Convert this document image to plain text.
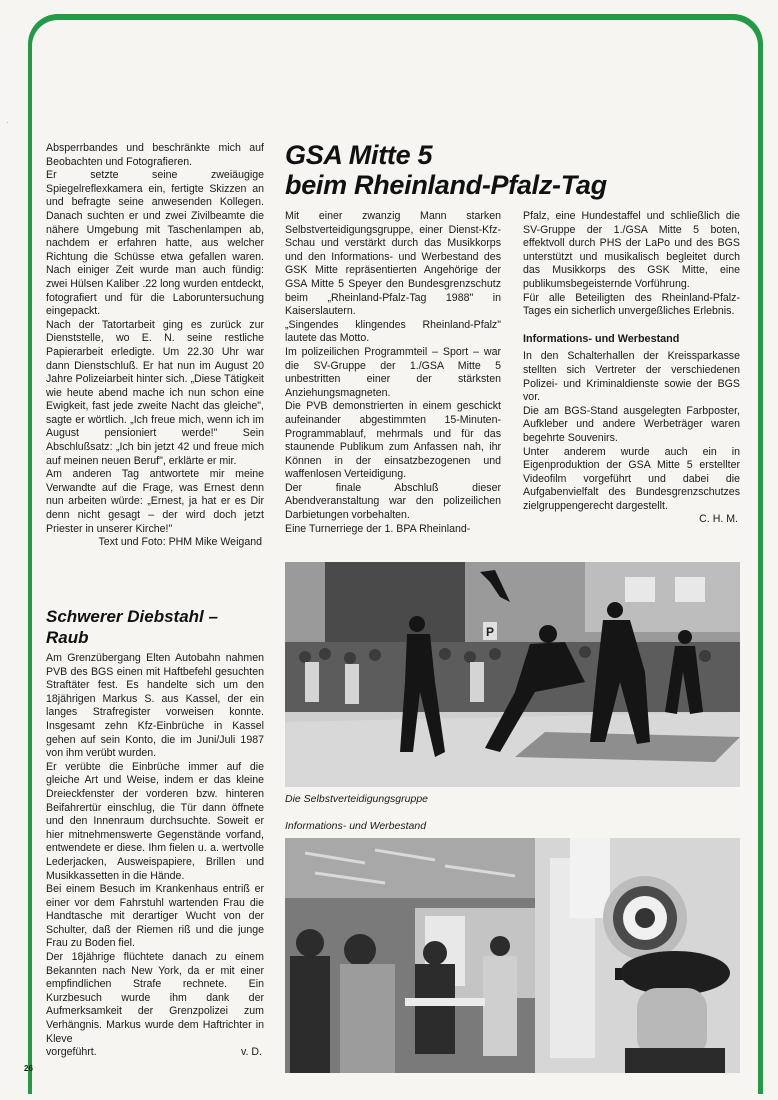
·

Absperrbandes und beschränkte mich auf Beobachten und Fotografieren.

Er setzte seine zweiäugige Spiegelreflexkamera ein, fertigte Skizzen an und befragte seine anwesenden Kollegen. Danach suchten er und zwei Zivilbeamte die nähere Umgebung mit Taschenlampen ab, nachdem er erfahren hatte, aus welcher Richtung die Schüsse etwa gefallen waren. Nach einiger Zeit wurde man auch fündig: zwei Hülsen Kaliber .22 long wurden entdeckt, fotografiert und für die Laboruntersuchung eingepackt.

Nach der Tatortarbeit ging es zurück zur Dienststelle, wo E. N. seine restliche Papierarbeit erledigte. Um 22.30 Uhr war dann Dienstschluß. Er hat nun im August 20 Jahre Polizeiarbeit hinter sich. „Diese Tätigkeit wie heute abend mache ich nun schon eine Ewigkeit, fast jede zweite Nacht das gleiche", sagte er wörtlich. „Ich freue mich, wenn ich im August pensioniert werde!" Sein Abschlußsatz: „Ich bin jetzt 42 und freue mich auf meinen neuen Beruf", erklärte er mir.

Am anderen Tag antwortete mir meine Verwandte auf die Frage, was Ernest denn nun arbeiten würde: „Ernest, ja hat er es Dir denn nicht gesagt – der wird doch jetzt Priester in unserer Kirche!"

Text und Foto: PHM Mike Weigand

Schwerer Diebstahl – Raub

Am Grenzübergang Elten Autobahn nahmen PVB des BGS einen mit Haftbefehl gesuchten Straftäter fest. Es handelte sich um den 18jährigen Markus S. aus Kassel, der ein langes Strafregister vorweisen konnte. Insgesamt zehn Kfz-Einbrüche in Kassel gehen auf sein Konto, die im Juni/Juli 1987 von ihm verübt wurden.

Er verübte die Einbrüche immer auf die gleiche Art und Weise, indem er das kleine Dreieckfenster der vorderen bzw. hinteren Beifahrertür einschlug, die Tür dann öffnete und den Innenraum durchsuchte. Soweit er hier mitnehmenswerte Gegenstände vorfand, entwendete er diese. Ihm fielen u. a. wertvolle Lederjacken, Ausweispapiere, Brillen und Musikkassetten in die Hände.

Bei einem Besuch im Krankenhaus entriß er einer vor dem Fahrstuhl wartenden Frau die Handtasche mit derartiger Wucht von der Schulter, daß der Riemen riß und die junge Frau zu Boden fiel.

Der 18jährige flüchtete danach zu einem Bekannten nach New York, da er mit einer empfindlichen Strafe rechnete. Ein Kurzbesuch wurde ihm dank der Aufmerksamkeit der Grenzpolizei zum Verhängnis. Markus wurde dem Haftrichter in Kleve

vorgeführt.	v. D.
GSA Mitte 5
beim Rheinland-Pfalz-Tag

Mit einer zwanzig Mann starken Selbstverteidigungsgruppe, einer Dienst-Kfz-Schau und verstärkt durch das Musikkorps und den Informations- und Werbestand des GSK Mitte repräsentierten Angehörige der GSA Mitte 5 Speyer den Bundesgrenzschutz beim „Rheinland-Pfalz-Tag 1988" in Kaiserslautern.

„Singendes klingendes Rheinland-Pfalz" lautete das Motto.

Im polizeilichen Programmteil – Sport – war die SV-Gruppe der 1./GSA Mitte 5 unbestritten einer der stärksten Anziehungsmagneten.

Die PVB demonstrierten in einem geschickt aufeinander abgestimmten 15-Minuten-Programmablauf, mehrmals und für das staunende Publikum zum Anfassen nah, ihr Können in der einsatzbezogenen und waffenlosen Verteidigung.

Der finale Abschluß dieser Abendveranstaltung war den polizeilichen Darbietungen vorbehalten.

Eine Turnerriege der 1. BPA Rheinland-

Pfalz, eine Hundestaffel und schließlich die SV-Gruppe der 1./GSA Mitte 5 boten, effektvoll durch PHS der LaPo und des BGS unterstützt und musikalisch begleitet durch das Musikkorps des GSK Mitte, eine publikumsbegeisternde Vorführung.

Für alle Beteiligten des Rheinland-Pfalz-Tages ein sicherlich unvergeßliches Erlebnis.

Informations- und Werbestand

In den Schalterhallen der Kreissparkasse stellten sich Vertreter der verschiedenen Polizei- und Kriminaldienste sowie der BGS vor.

Die am BGS-Stand ausgelegten Farbposter, Aufkleber und andere Werbeträger waren begehrte Souvenirs.

Unter anderem wurde auch ein in Eigenproduktion der GSA Mitte 5 erstellter Videofilm vorgeführt und dabei die Aufgabenvielfalt des Bundesgrenzschutzes zielgruppengerecht dargestellt.

C. H. M.

P
Die Selbstverteidigungsgruppe
Informations- und Werbestand
26
